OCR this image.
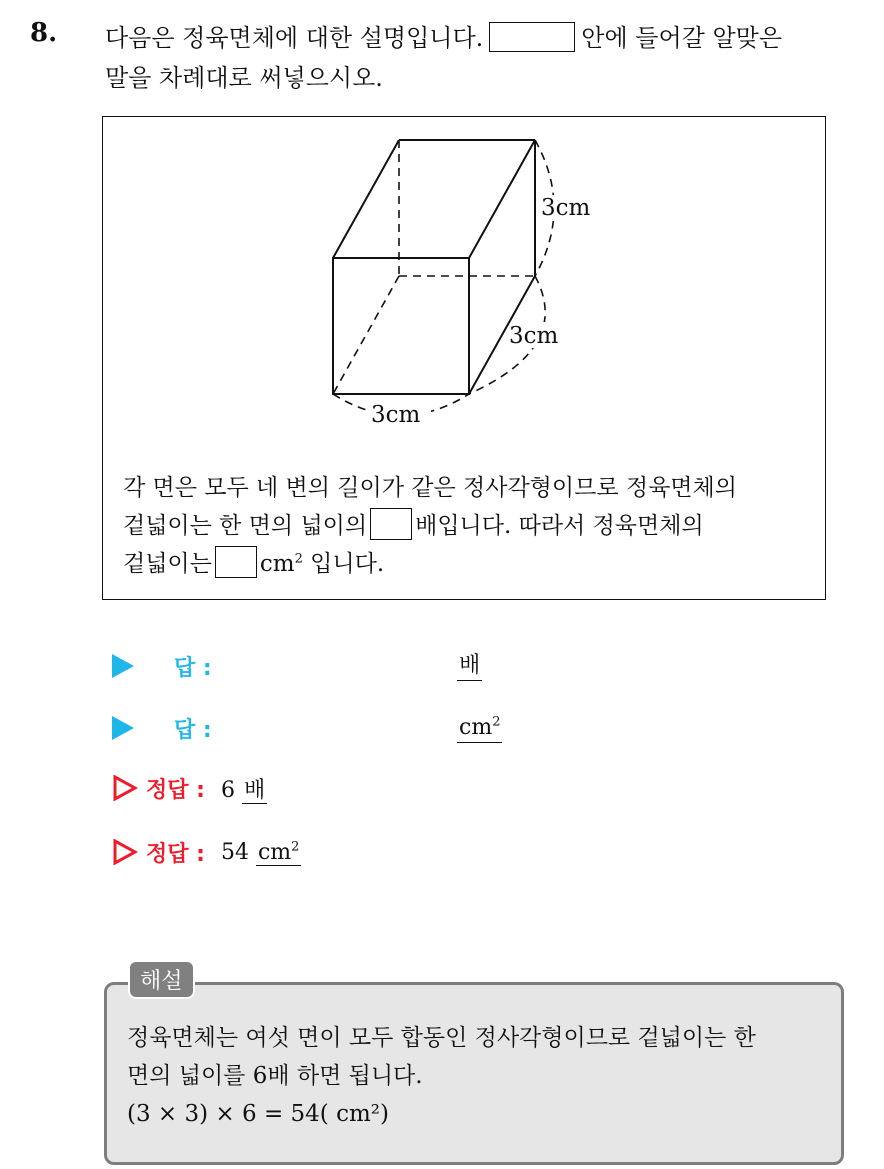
8. 다음은 정육면체에 대한 설명입니다.	안에 들어갈 알맞은
말을 차례대로 써넣으시오.
3cm
3cm
3cm
각 면은 모두 네 변의 길이가 같은 정사각형이므로 정육면체의
겉넓이는 한 면의 넓이의 배입니다. 따라서 정육면체의
겉넓이는 $cm^2$ 입니다.
답 :	배
답 :	$cm^2$
정답 : 6 배
정답 : 54 $cm^2$
정육면체는 여섯 면이 모두 합동인 정사각형이므로 겉넓이는 한
면의 넓이를 6배 하면 됩니다.
(3 × 3) × 6 = 54( cm²)
해설
